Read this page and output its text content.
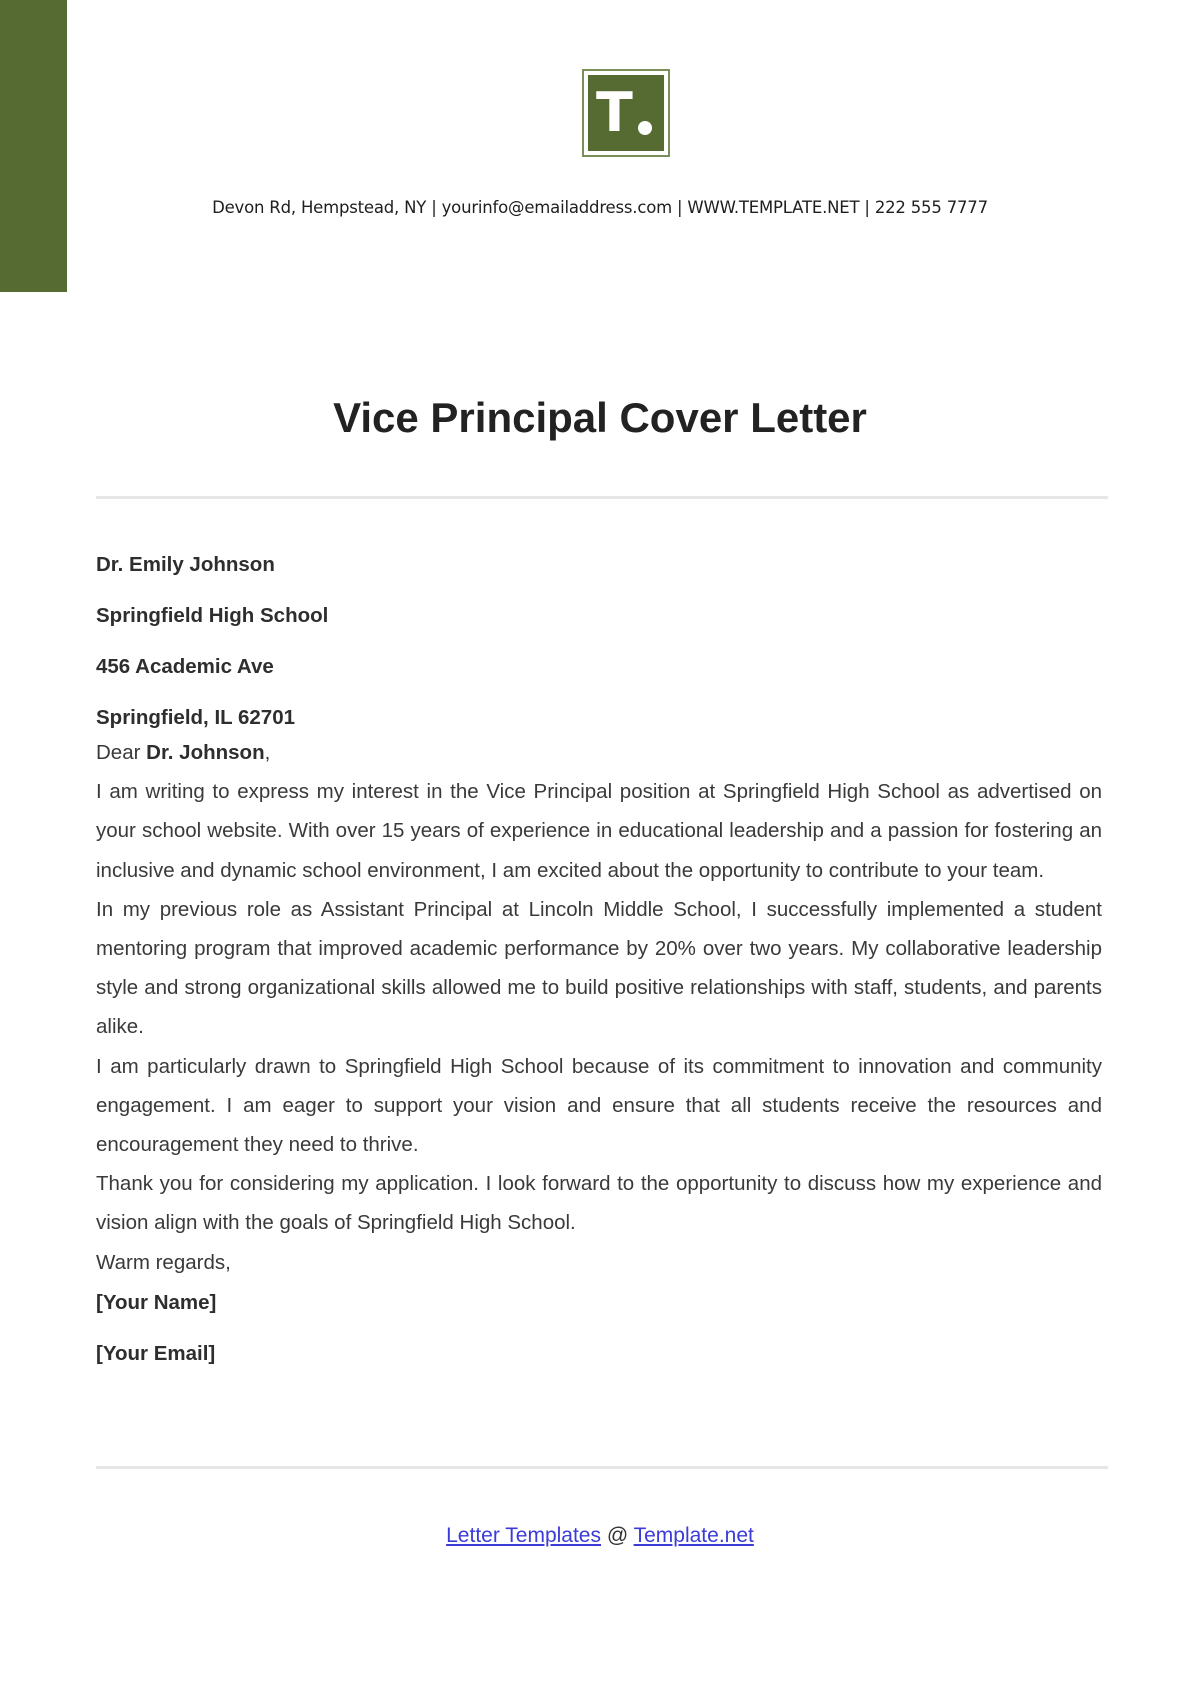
T
Devon Rd, Hempstead, NY | yourinfo@emailaddress.com | WWW.TEMPLATE.NET | 222 555 7777
Vice Principal Cover Letter
Dr. Emily Johnson
Springfield High School
456 Academic Ave
Springfield, IL 62701

Dear Dr. Johnson,

I am writing to express my interest in the Vice Principal position at Springfield High School as advertised on your school website. With over 15 years of experience in educational leadership and a passion for fostering an inclusive and dynamic school environment, I am excited about the opportunity to contribute to your team.

In my previous role as Assistant Principal at Lincoln Middle School, I successfully implemented a student mentoring program that improved academic performance by 20% over two years. My collaborative leadership style and strong organizational skills allowed me to build positive relationships with staff, students, and parents alike.

I am particularly drawn to Springfield High School because of its commitment to innovation and community engagement. I am eager to support your vision and ensure that all students receive the resources and encouragement they need to thrive.

Thank you for considering my application. I look forward to the opportunity to discuss how my experience and vision align with the goals of Springfield High School.

Warm regards,

[Your Name]
[Your Email]
Letter Templates @ Template.net
